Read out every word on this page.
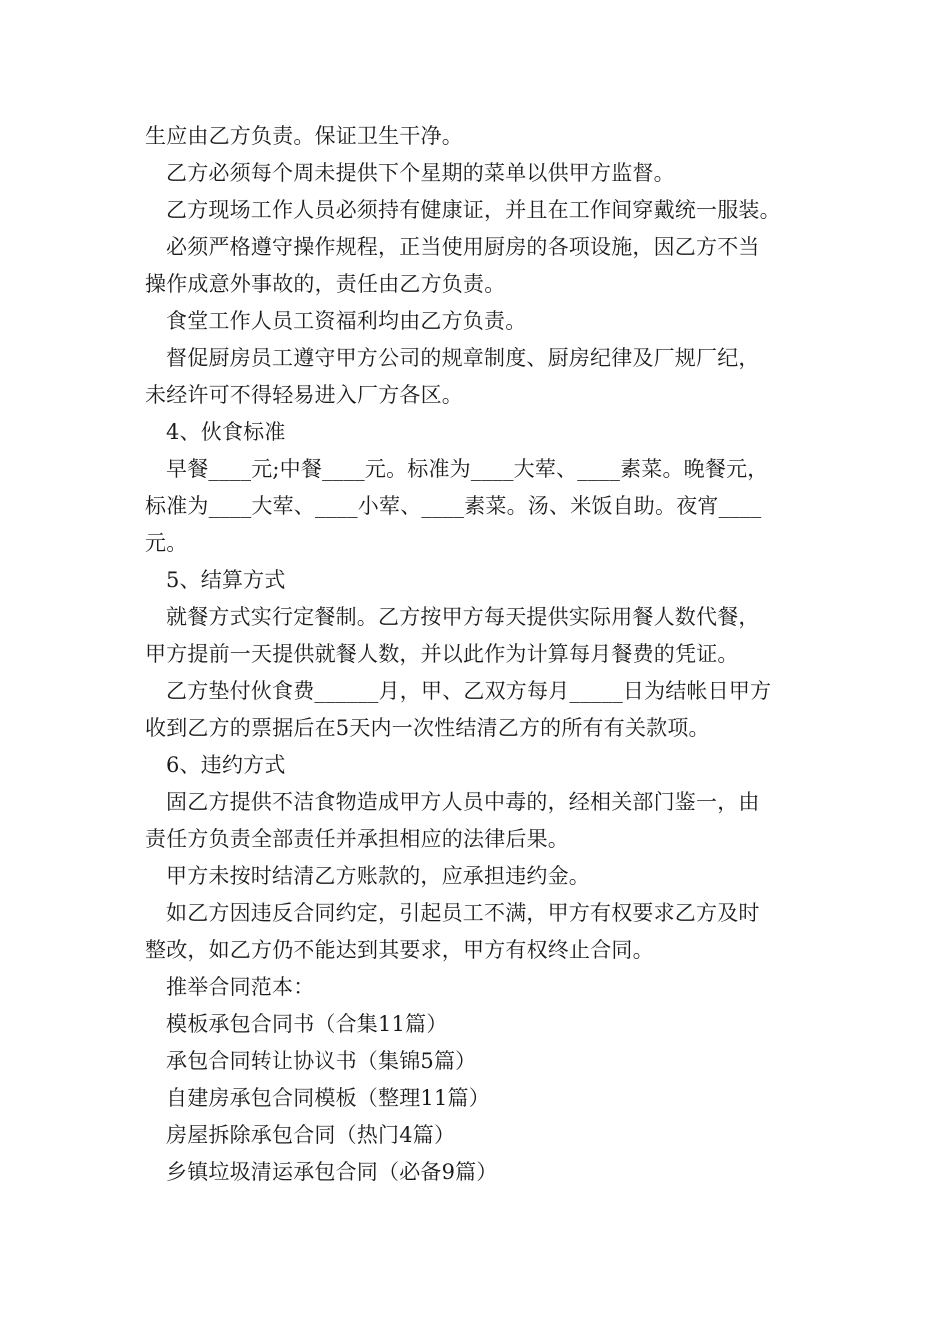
生应由乙方负责。保证卫生干净。
乙方必须每个周未提供下个星期的菜单以供甲方监督。
乙方现场工作人员必须持有健康证，并且在工作间穿戴统一服装。
必须严格遵守操作规程，正当使用厨房的各项设施，因乙方不当
操作成意外事故的，责任由乙方负责。
食堂工作人员工资福利均由乙方负责。
督促厨房员工遵守甲方公司的规章制度、厨房纪律及厂规厂纪，
未经许可不得轻易进入厂方各区。
4、伙食标准
早餐____元;中餐____元。标准为____大荤、____素菜。晚餐元，
标准为____大荤、____小荤、____素菜。汤、米饭自助。夜宵____
元。
5、结算方式
就餐方式实行定餐制。乙方按甲方每天提供实际用餐人数代餐，
甲方提前一天提供就餐人数，并以此作为计算每月餐费的凭证。
乙方垫付伙食费______月，甲、乙双方每月_____日为结帐日甲方
收到乙方的票据后在5天内一次性结清乙方的所有有关款项。
6、违约方式
固乙方提供不洁食物造成甲方人员中毒的，经相关部门鉴一，由
责任方负责全部责任并承担相应的法律后果。
甲方未按时结清乙方账款的，应承担违约金。
如乙方因违反合同约定，引起员工不满，甲方有权要求乙方及时
整改，如乙方仍不能达到其要求，甲方有权终止合同。
推举合同范本：
模板承包合同书（合集11篇）
承包合同转让协议书（集锦5篇）
自建房承包合同模板（整理11篇）
房屋拆除承包合同（热门4篇）
乡镇垃圾清运承包合同（必备9篇）
